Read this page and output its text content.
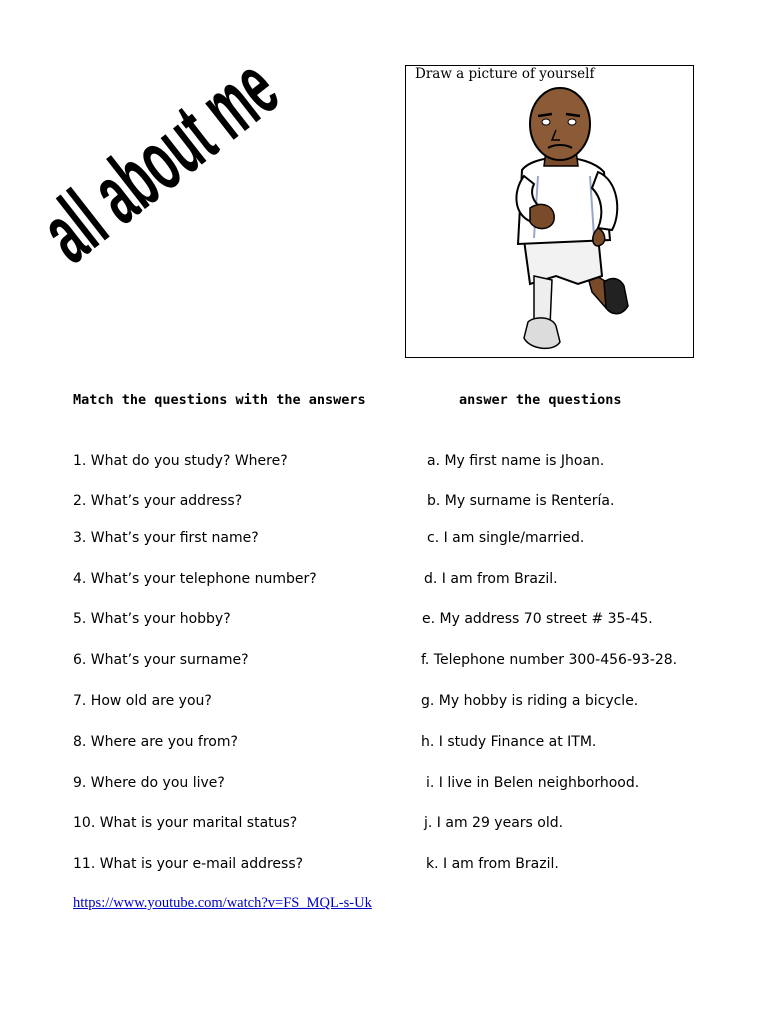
all about me	Draw a picture of yourself
Match the questions with the answers	answer the questions
1. What do you study? Where?
2. What’s your address?
3. What’s your first name?
4. What’s your telephone number?
5. What’s your hobby?
6. What’s your surname?
7. How old are you?
8. Where are you from?
9. Where do you live?
10. What is your marital status?
11. What is your e-mail address?
a. My first name is Jhoan.
b. My surname is Rentería.
c. I am single/married.
d. I am from Brazil.
e. My address 70 street # 35-45.
f. Telephone number 300-456-93-28.
g. My hobby is riding a bicycle.
h. I study Finance at ITM.
i. I live in Belen neighborhood.
j. I am 29 years old.
k. I am from Brazil.
https://www.youtube.com/watch?v=FS_MQL-s-Uk
